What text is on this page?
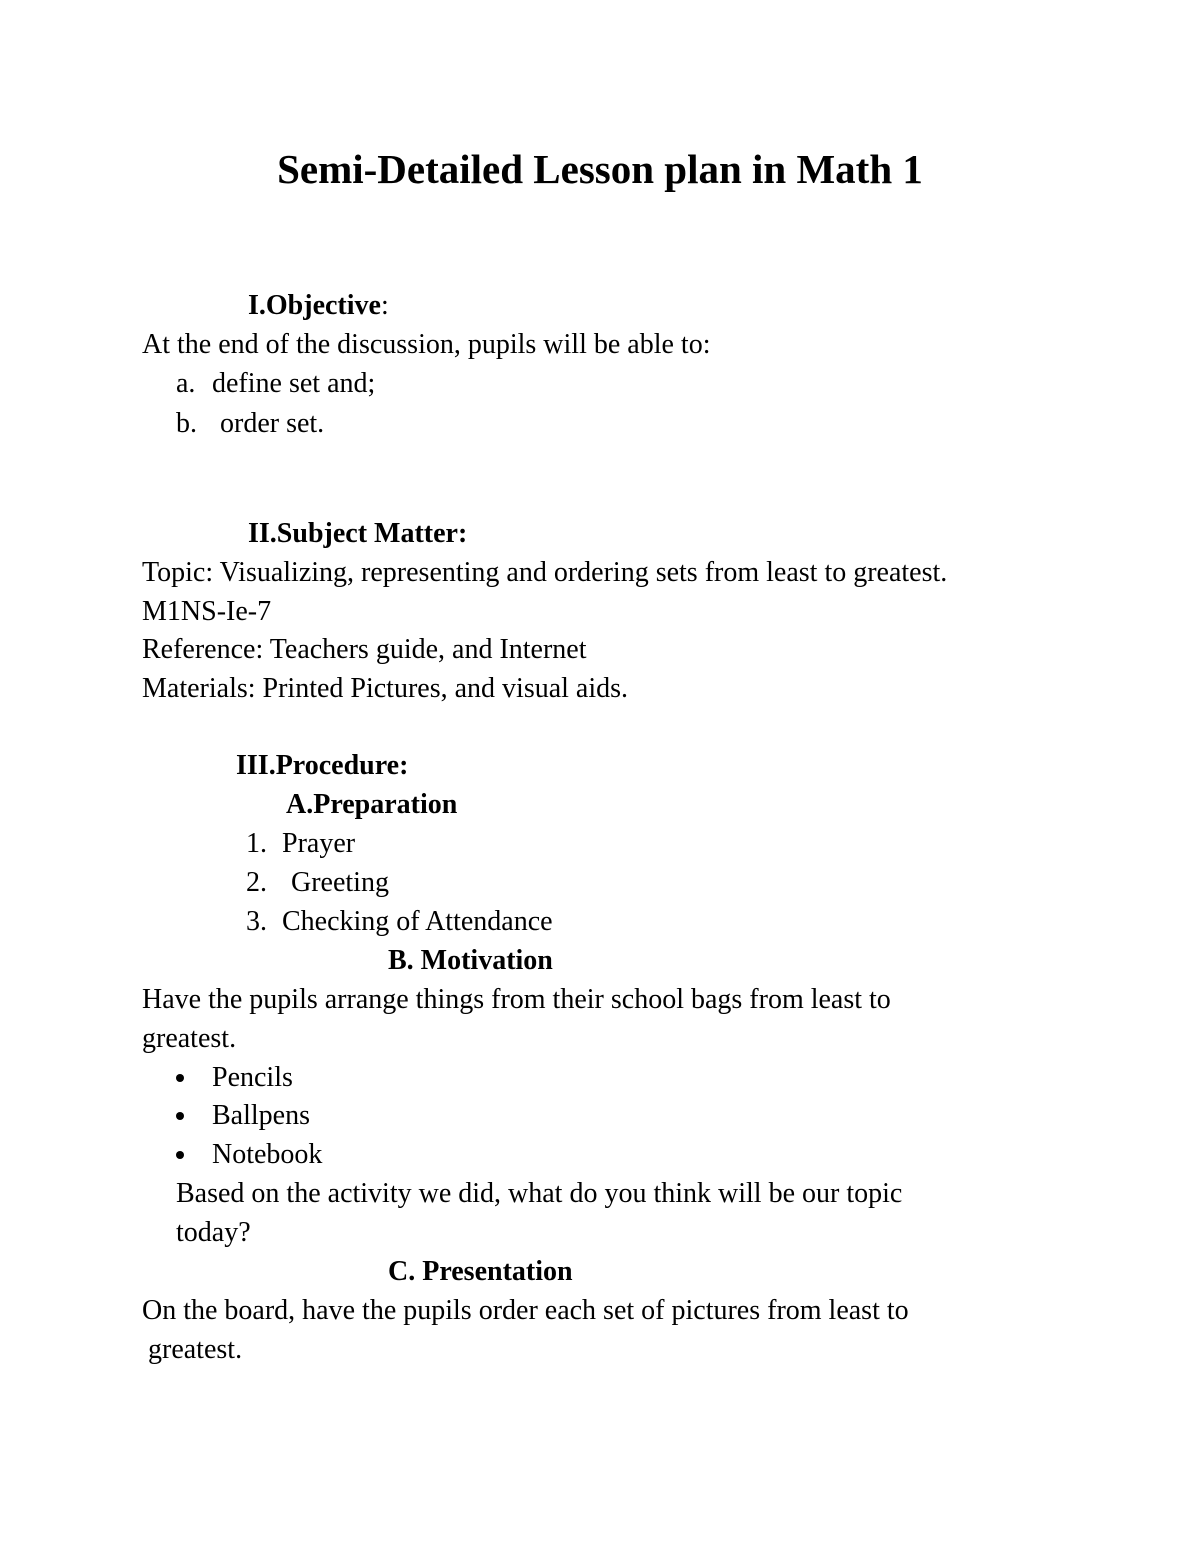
Semi-Detailed Lesson plan in Math 1
I.Objective:
At the end of the discussion, pupils will be able to:
a. define set and;
b. order set.
II.Subject Matter:
Topic: Visualizing, representing and ordering sets from least to greatest.
M1NS-Ie-7
Reference: Teachers guide, and Internet
Materials: Printed Pictures, and visual aids.
III.Procedure:
A.Preparation
1. Prayer
2. Greeting
3. Checking of Attendance
B. Motivation
Have the pupils arrange things from their school bags from least to
greatest.
Pencils
Ballpens
Notebook
Based on the activity we did, what do you think will be our topic
today?
C. Presentation
On the board, have the pupils order each set of pictures from least to
greatest.
